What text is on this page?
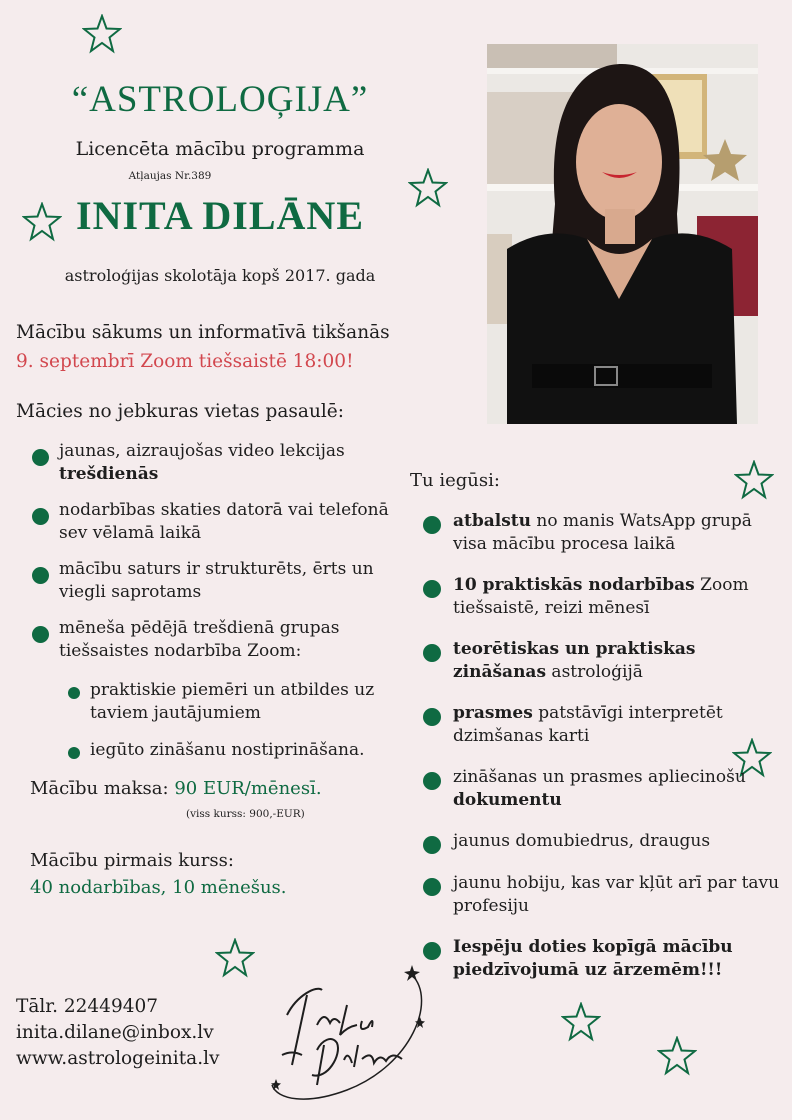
“ASTROLOĢIJA”
Licencēta mācību programma
Atļaujas Nr.389
INITA DILĀNE
astroloģijas skolotāja kopš 2017. gada
Mācību sākums un informatīvā tikšanās
9. septembrī Zoom tiešsaistē 18:00!
Mācies no jebkuras vietas pasaulē:
jaunas, aizraujošas video lekcijas
trešdienās
nodarbības skaties datorā vai telefonā sev vēlamā laikā
mācību saturs ir strukturēts, ērts un viegli saprotams
mēneša pēdējā trešdienā grupas tiešsaistes nodarbība Zoom:
praktiskie piemēri un atbildes uz taviem jautājumiem
iegūto zināšanu nostiprināšana.
Mācību maksa: 90 EUR/mēnesī.
(viss kurss: 900,-EUR)
Mācību pirmais kurss:
40 nodarbības, 10 mēnešus.
Tu iegūsi:
atbalstu no manis WatsApp grupā visa mācību procesa laikā
10 praktiskās nodarbības Zoom tiešsaistē, reizi mēnesī
teorētiskas un praktiskas zināšanas astroloģijā
prasmes patstāvīgi interpretēt dzimšanas karti
zināšanas un prasmes apliecinošu dokumentu
jaunus domubiedrus, draugus
jaunu hobiju, kas var kļūt arī par tavu profesiju
Iespēju doties kopīgā mācību piedzīvojumā uz ārzemēm!!!
Tālr. 22449407
inita.dilane@inbox.lv
www.astrologeinita.lv
